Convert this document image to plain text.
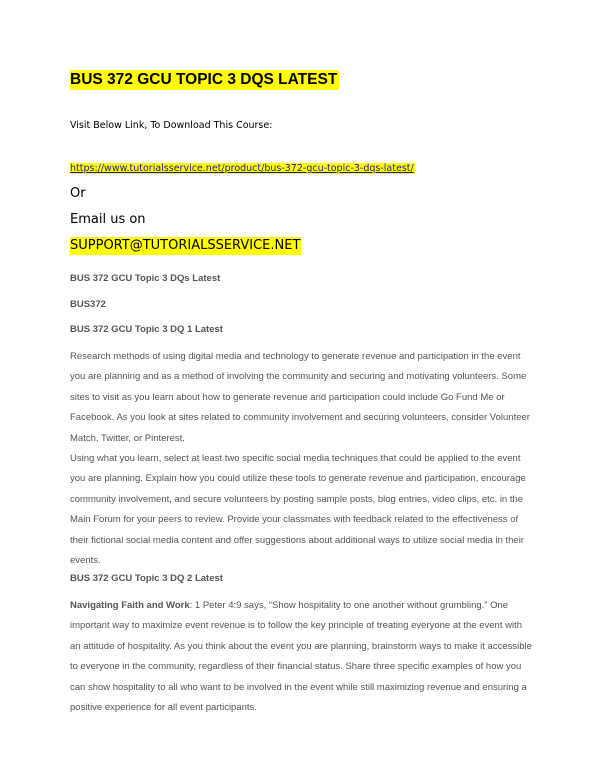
BUS 372 GCU TOPIC 3 DQS LATEST
Visit Below Link, To Download This Course:
https://www.tutorialsservice.net/product/bus-372-gcu-topic-3-dqs-latest/
Or
Email us on
SUPPORT@TUTORIALSSERVICE.NET
BUS 372 GCU Topic 3 DQs Latest
BUS372
BUS 372 GCU Topic 3 DQ 1 Latest

Research methods of using digital media and technology to generate revenue and participation in the event you are planning and as a method of involving the community and securing and motivating volunteers. Some sites to visit as you learn about how to generate revenue and participation could include Go Fund Me or Facebook. As you look at sites related to community involvement and securing volunteers, consider Volunteer Match, Twitter, or Pinterest.

Using what you learn, select at least two specific social media techniques that could be applied to the event you are planning. Explain how you could utilize these tools to generate revenue and participation, encourage community involvement, and secure volunteers by posting sample posts, blog entries, video clips, etc. in the Main Forum for your peers to review. Provide your classmates with feedback related to the effectiveness of their fictional social media content and offer suggestions about additional ways to utilize social media in their events.

BUS 372 GCU Topic 3 DQ 2 Latest

Navigating Faith and Work: 1 Peter 4:9 says, “Show hospitality to one another without grumbling.” One important way to maximize event revenue is to follow the key principle of treating everyone at the event with an attitude of hospitality. As you think about the event you are planning, brainstorm ways to make it accessible to everyone in the community, regardless of their financial status. Share three specific examples of how you can show hospitality to all who want to be involved in the event while still maximizing revenue and ensuring a positive experience for all event participants.
